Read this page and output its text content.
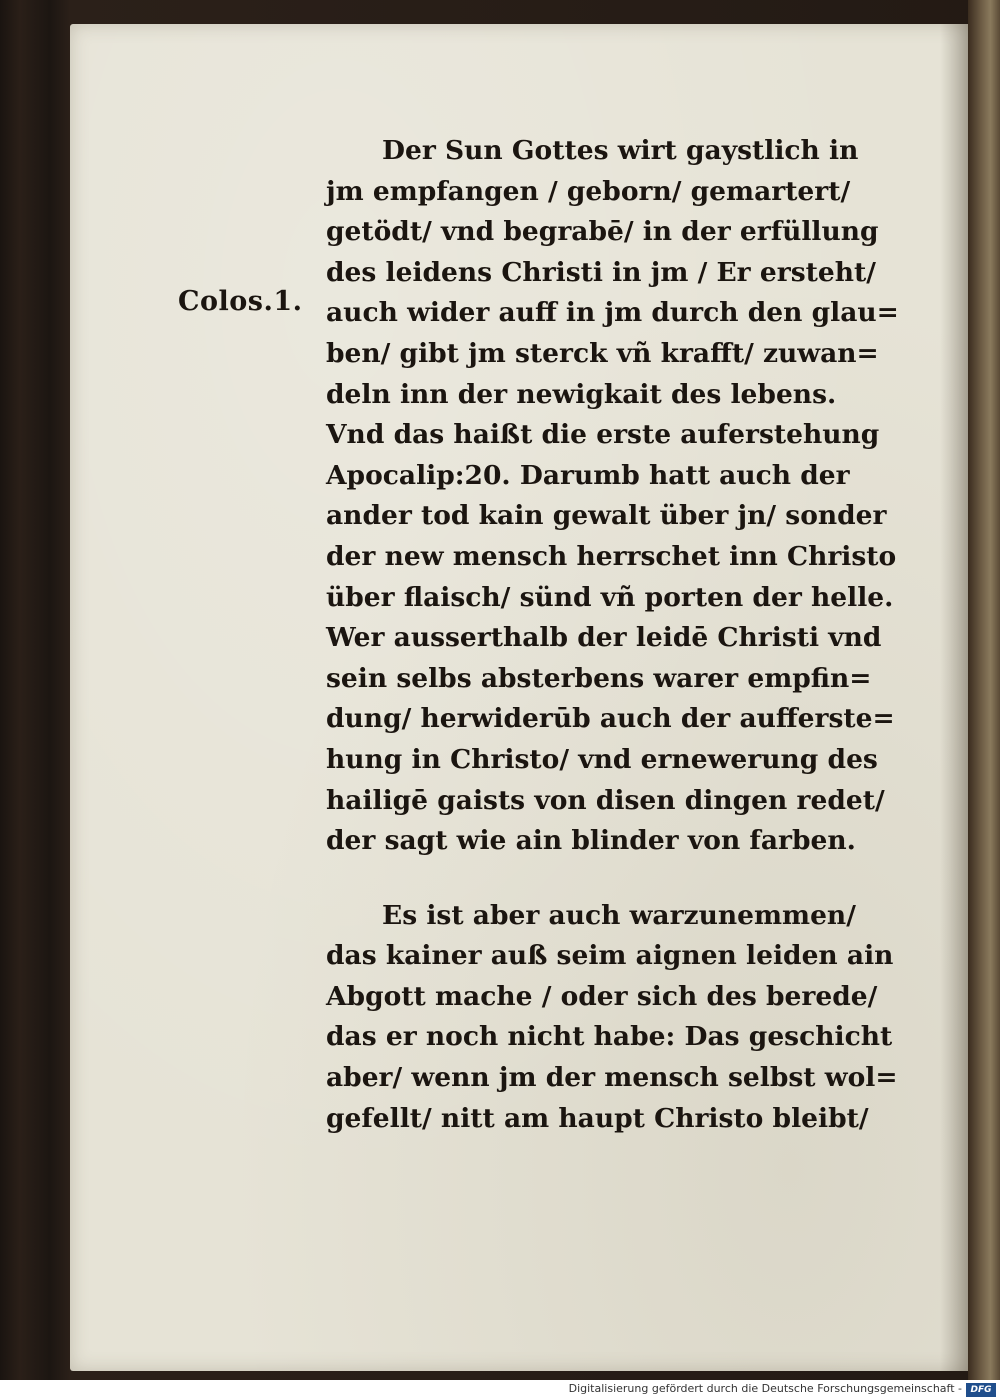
Colos.1.
Der Sun Gottes wirt gaystlich in
jm empfangen / geborn/ gemartert/
getödt/ vnd begrabē/ in der erfüllung
des leidens Christi in jm / Er ersteht/
auch wider auff in jm durch den glau=
ben/ gibt jm sterck vñ krafft/ zuwan=
deln inn der newigkait des lebens.
Vnd das haißt die erste auferstehung
Apocalip:20. Darumb hatt auch der
ander tod kain gewalt über jn/ sonder
der new mensch herrschet inn Christo
über flaisch/ sünd vñ porten der helle.
Wer ausserthalb der leidē Christi vnd
sein selbs absterbens warer empfin=
dung/ herwiderūb auch der aufferste=
hung in Christo/ vnd ernewerung des
hailigē gaists von disen dingen redet/
der sagt wie ain blinder von farben.
Es ist aber auch warzunemmen/
das kainer auß seim aignen leiden ain
Abgott mache / oder sich des berede/
das er noch nicht habe: Das geschicht
aber/ wenn jm der mensch selbst wol=
gefellt/ nitt am haupt Christo bleibt/
Digitalisierung gefördert durch die Deutsche Forschungsgemeinschaft - DFG
